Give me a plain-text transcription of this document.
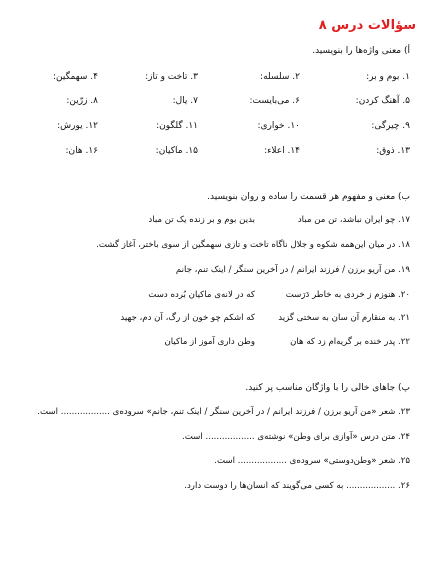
سؤالات درس ۸
أ) معنی واژه‌ها را بنویسید.
۱. بوم و بر:
۲. سلسله:
۳. تاخت و تاز:
۴. سهمگین:
۵. آهنگ کردن:
۶. می‌بایست:
۷. یال:
۸. زرّین:
۹. چیرگی:
۱۰. خواری:
۱۱. گلگون:
۱۲. یورش:
۱۳. ذوق:
۱۴. اعلاء:
۱۵. ماکیان:
۱۶. هان:
ب) معنی و مفهوم هر قسمت را ساده و روان بنویسید.
۱۷. چو ایران نباشد، تن من مباد
بدین بوم و بر زنده یک تن مباد
۱۸. در میان این‌همه شکوه و جلال ناگاه تاخت و تازی سهمگین از سوی باختر، آغاز گشت.
۱۹. من آریو برزن / فرزند ایرانم / در آخرین سنگر / اینک تنم، جانم
۲۰. هنوزم ز خردی به خاطر دَرَست
که در لانه‌ی ماکیان بُرده دست
۲۱. به منقارم آن سان به سختی گزید
که اشکم چو خون از رگ، آن دم، جهید
۲۲. پدر خنده بر گریه‌ام زد که هان
وطن داری آموز از ماکیان
پ) جاهای خالی را با واژگان مناسب پر کنید.
۲۳. شعر «من آریو برزن / فرزند ایرانم / در آخرین سنگر / اینک تنم، جانم» سروده‌ی .................. است.
۲۴. متن درس «آوازی برای وطن» نوشته‌ی .................. است.
۲۵. شعر «وطن‌دوستی» سروده‌ی .................. است.
۲۶. .................. به کسی می‌گویند که انسان‌ها را دوست دارد.
